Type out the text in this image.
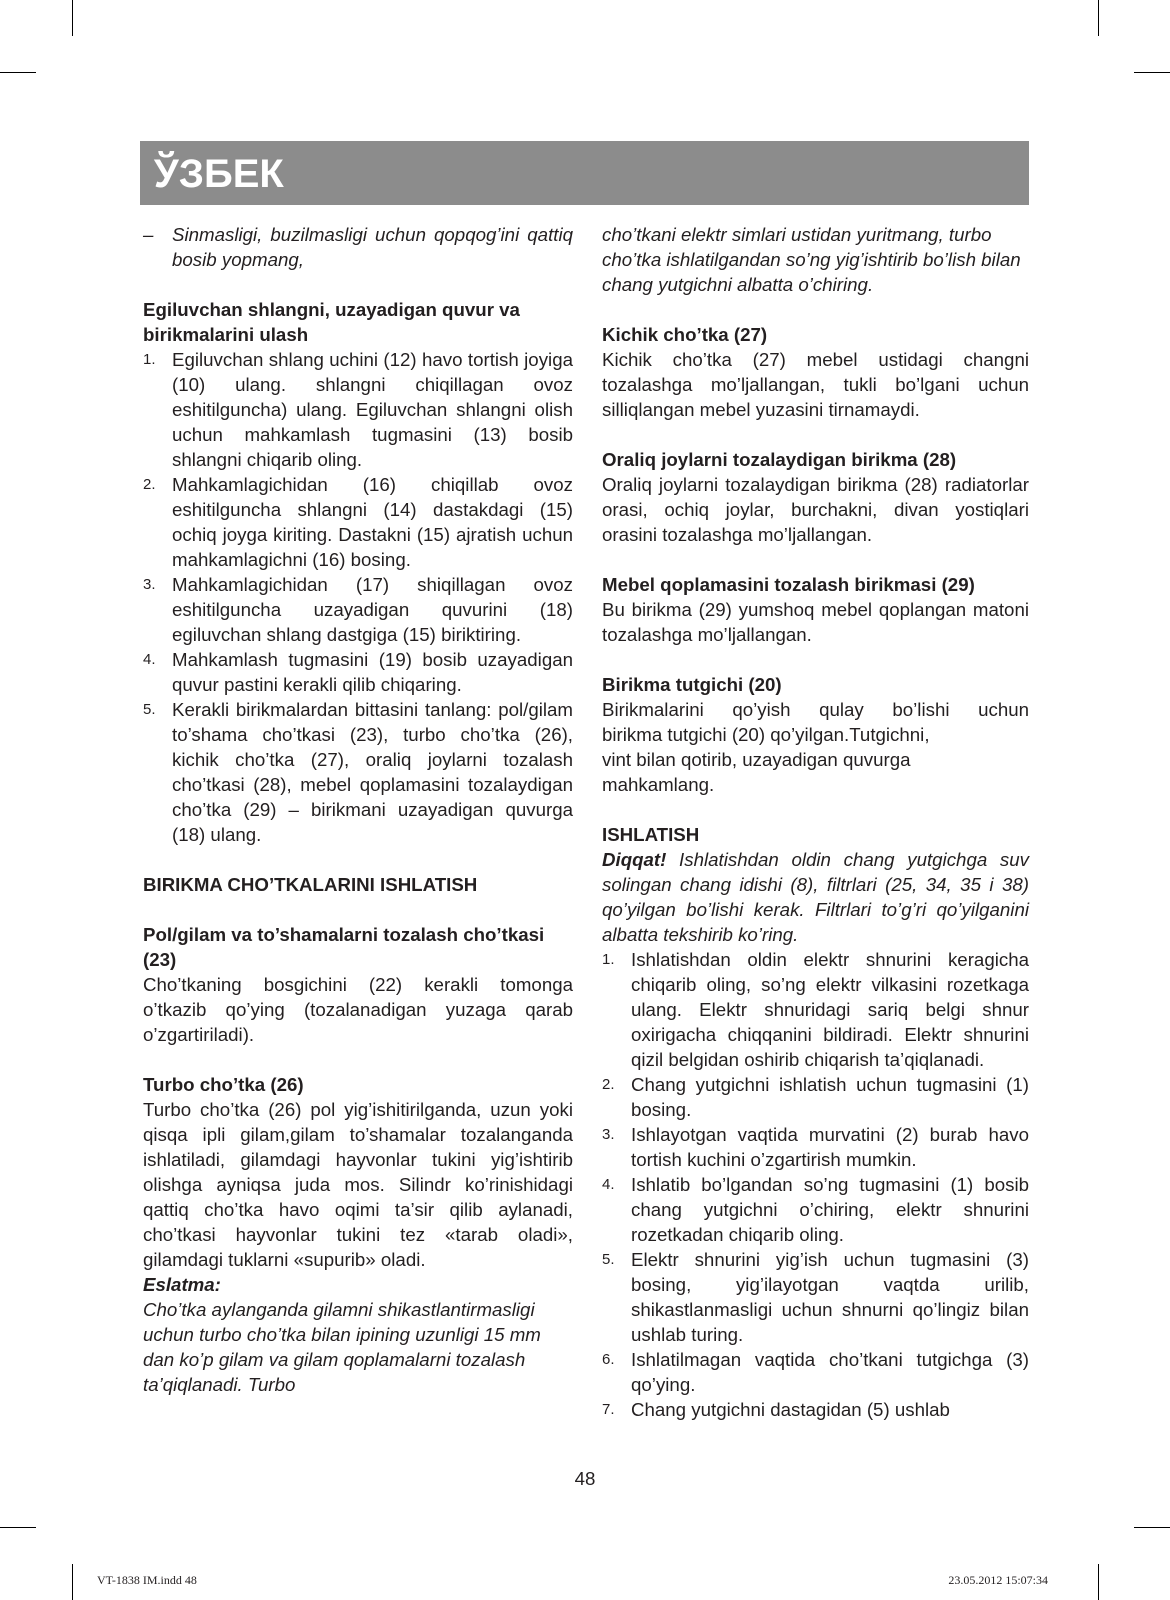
ЎЗБЕК
– Sinmasligi, buzilmasligi uchun qopqog’ini qattiq bosib yopmang,
Egiluvchan shlangni, uzayadigan quvur va birikmalarini ulash
1. Egiluvchan shlang uchini (12) havo tortish joyiga (10) ulang. shlangni chiqillagan ovoz eshitilguncha) ulang. Egiluvchan shlangni olish uchun mahkamlash tugmasini (13) bosib shlangni chiqarib oling.
2. Mahkamlagichidan (16) chiqillab ovoz eshitilguncha shlangni (14) dastakdagi (15) ochiq joyga kiriting. Dastakni (15) ajratish uchun mahkamlagichni (16) bosing.
3. Mahkamlagichidan (17) shiqillagan ovoz eshitilguncha uzayadigan quvurini (18) egiluvchan shlang dastgiga (15) biriktiring.
4. Mahkamlash tugmasini (19) bosib uzayadigan quvur pastini kerakli qilib chiqaring.
5. Kerakli birikmalardan bittasini tanlang: pol/gilam to’shama cho’tkasi (23), turbo cho’tka (26), kichik cho’tka (27), oraliq joylarni tozalash cho’tkasi (28), mebel qoplamasini tozalaydigan cho’tka (29) – birikmani uzayadigan quvurga (18) ulang.
BIRIKMA CHO’TKALARINI ISHLATISH
Pol/gilam va to’shamalarni tozalash cho’tkasi (23)
Cho’tkaning bosgichini (22) kerakli tomonga o’tkazib qo’ying (tozalanadigan yuzaga qarab o’zgartiriladi).
Turbo cho’tka (26)
Turbo cho’tka (26) pol yig’ishitirilganda, uzun yoki qisqa ipli gilam,gilam to’shamalar tozalanganda ishlatiladi, gilamdagi hayvonlar tukini yig’ishtirib olishga ayniqsa juda mos. Silindr ko’rinishidagi qattiq cho’tka havo oqimi ta’sir qilib aylanadi, cho’tkasi hayvonlar tukini tez «tarab oladi», gilamdagi tuklarni «supurib» oladi.
Eslatma:
Cho’tka aylanganda gilamni shikastlantirmasligi uchun turbo cho’tka bilan ipining uzunligi 15 mm dan ko’p gilam va gilam qoplamalarni tozalash ta’qiqlanadi. Turbo
cho’tkani elektr simlari ustidan yuritmang, turbo cho’tka ishlatilgandan so’ng yig’ishtirib bo’lish bilan chang yutgichni albatta o’chiring.
Kichik cho’tka (27)
Kichik cho’tka (27) mebel ustidagi changni tozalashga mo’ljallangan, tukli bo’lgani uchun silliqlangan mebel yuzasini tirnamaydi.
Oraliq joylarni tozalaydigan birikma (28)
Oraliq joylarni tozalaydigan birikma (28) radiatorlar orasi, ochiq joylar, burchakni, divan yostiqlari orasini tozalashga mo’ljallangan.
Mebel qoplamasini tozalash birikmasi (29)
Bu birikma (29) yumshoq mebel qoplangan matoni tozalashga mo’ljallangan.
Birikma tutgichi (20)
Birikmalarini qo’yish qulay bo’lishi uchun
birikma tutgichi (20) qo’yilgan.Tutgichni,
vint bilan qotirib, uzayadigan quvurga
mahkamlang.
ISHLATISH
Diqqat! Ishlatishdan oldin chang yutgichga suv solingan chang idishi (8), filtrlari (25, 34, 35 i 38) qo’yilgan bo’lishi kerak. Filtrlari to’g’ri qo’yilganini albatta tekshirib ko’ring.
1. Ishlatishdan oldin elektr shnurini keragicha chiqarib oling, so’ng elektr vilkasini rozetkaga ulang. Elektr shnuridagi sariq belgi shnur oxirigacha chiqqanini bildiradi. Elektr shnurini qizil belgidan oshirib chiqarish ta’qiqlanadi.
2. Chang yutgichni ishlatish uchun tugmasini (1) bosing.
3. Ishlayotgan vaqtida murvatini (2) burab havo tortish kuchini o’zgartirish mumkin.
4. Ishlatib bo’lgandan so’ng tugmasini (1) bosib chang yutgichni o’chiring, elektr shnurini rozetkadan chiqarib oling.
5. Elektr shnurini yig’ish uchun tugmasini (3) bosing, yig’ilayotgan vaqtda urilib, shikastlanmasligi uchun shnurni qo’lingiz bilan ushlab turing.
6. Ishlatilmagan vaqtida cho’tkani tutgichga (3) qo’ying.
7. Chang yutgichni dastagidan (5) ushlab
48
VT-1838 IM.indd 48	23.05.2012 15:07:34
